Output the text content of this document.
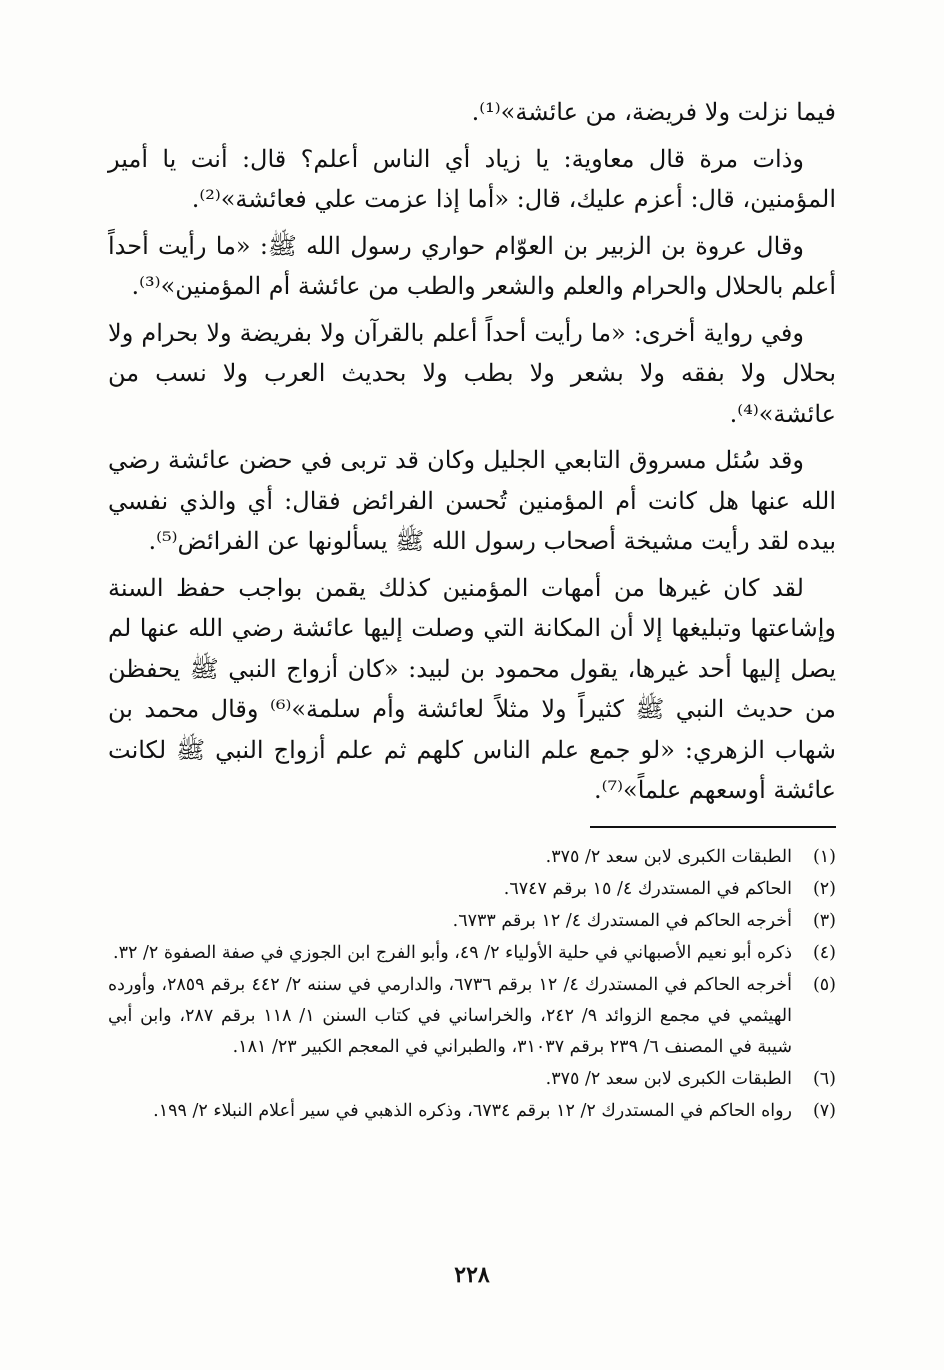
فيما نزلت ولا فريضة، من عائشة»⁽¹⁾.

وذات مرة قال معاوية: يا زياد أي الناس أعلم؟ قال: أنت يا أمير المؤمنين، قال: أعزم عليك، قال: «أما إذا عزمت علي فعائشة»⁽²⁾.

وقال عروة بن الزبير بن العوّام حواري رسول الله ﷺ: «ما رأيت أحداً أعلم بالحلال والحرام والعلم والشعر والطب من عائشة أم المؤمنين»⁽³⁾.

وفي رواية أخرى: «ما رأيت أحداً أعلم بالقرآن ولا بفريضة ولا بحرام ولا بحلال ولا بفقه ولا بشعر ولا بطب ولا بحديث العرب ولا نسب من عائشة»⁽⁴⁾.

وقد سُئل مسروق التابعي الجليل وكان قد تربى في حضن عائشة رضي الله عنها هل كانت أم المؤمنين تُحسن الفرائض فقال: أي والذي نفسي بيده لقد رأيت مشيخة أصحاب رسول الله ﷺ يسألونها عن الفرائض⁽⁵⁾.

لقد كان غيرها من أمهات المؤمنين كذلك يقمن بواجب حفظ السنة وإشاعتها وتبليغها إلا أن المكانة التي وصلت إليها عائشة رضي الله عنها لم يصل إليها أحد غيرها، يقول محمود بن لبيد: «كان أزواج النبي ﷺ يحفظن من حديث النبي ﷺ كثيراً ولا مثلاً لعائشة وأم سلمة»⁽⁶⁾ وقال محمد بن شهاب الزهري: «لو جمع علم الناس كلهم ثم علم أزواج النبي ﷺ لكانت عائشة أوسعهم علماً»⁽⁷⁾.

(١)
الطبقات الكبرى لابن سعد ٢/ ٣٧٥.
(٢)
الحاكم في المستدرك ٤/ ١٥ برقم ٦٧٤٧.
(٣)
أخرجه الحاكم في المستدرك ٤/ ١٢ برقم ٦٧٣٣.
(٤)
ذكره أبو نعيم الأصبهاني في حلية الأولياء ٢/ ٤٩، وأبو الفرج ابن الجوزي في صفة الصفوة ٢/ ٣٢.
(٥)
أخرجه الحاكم في المستدرك ٤/ ١٢ برقم ٦٧٣٦، والدارمي في سننه ٢/ ٤٤٢ برقم ٢٨٥٩، وأورده الهيثمي في مجمع الزوائد ٩/ ٢٤٢، والخراساني في كتاب السنن ١/ ١١٨ برقم ٢٨٧، وابن أبي شيبة في المصنف ٦/ ٢٣٩ برقم ٣١٠٣٧، والطبراني في المعجم الكبير ٢٣/ ١٨١.
(٦)
الطبقات الكبرى لابن سعد ٢/ ٣٧٥.
(٧)
رواه الحاكم في المستدرك ٢/ ١٢ برقم ٦٧٣٤، وذكره الذهبي في سير أعلام النبلاء ٢/ ١٩٩.
٢٢٨
